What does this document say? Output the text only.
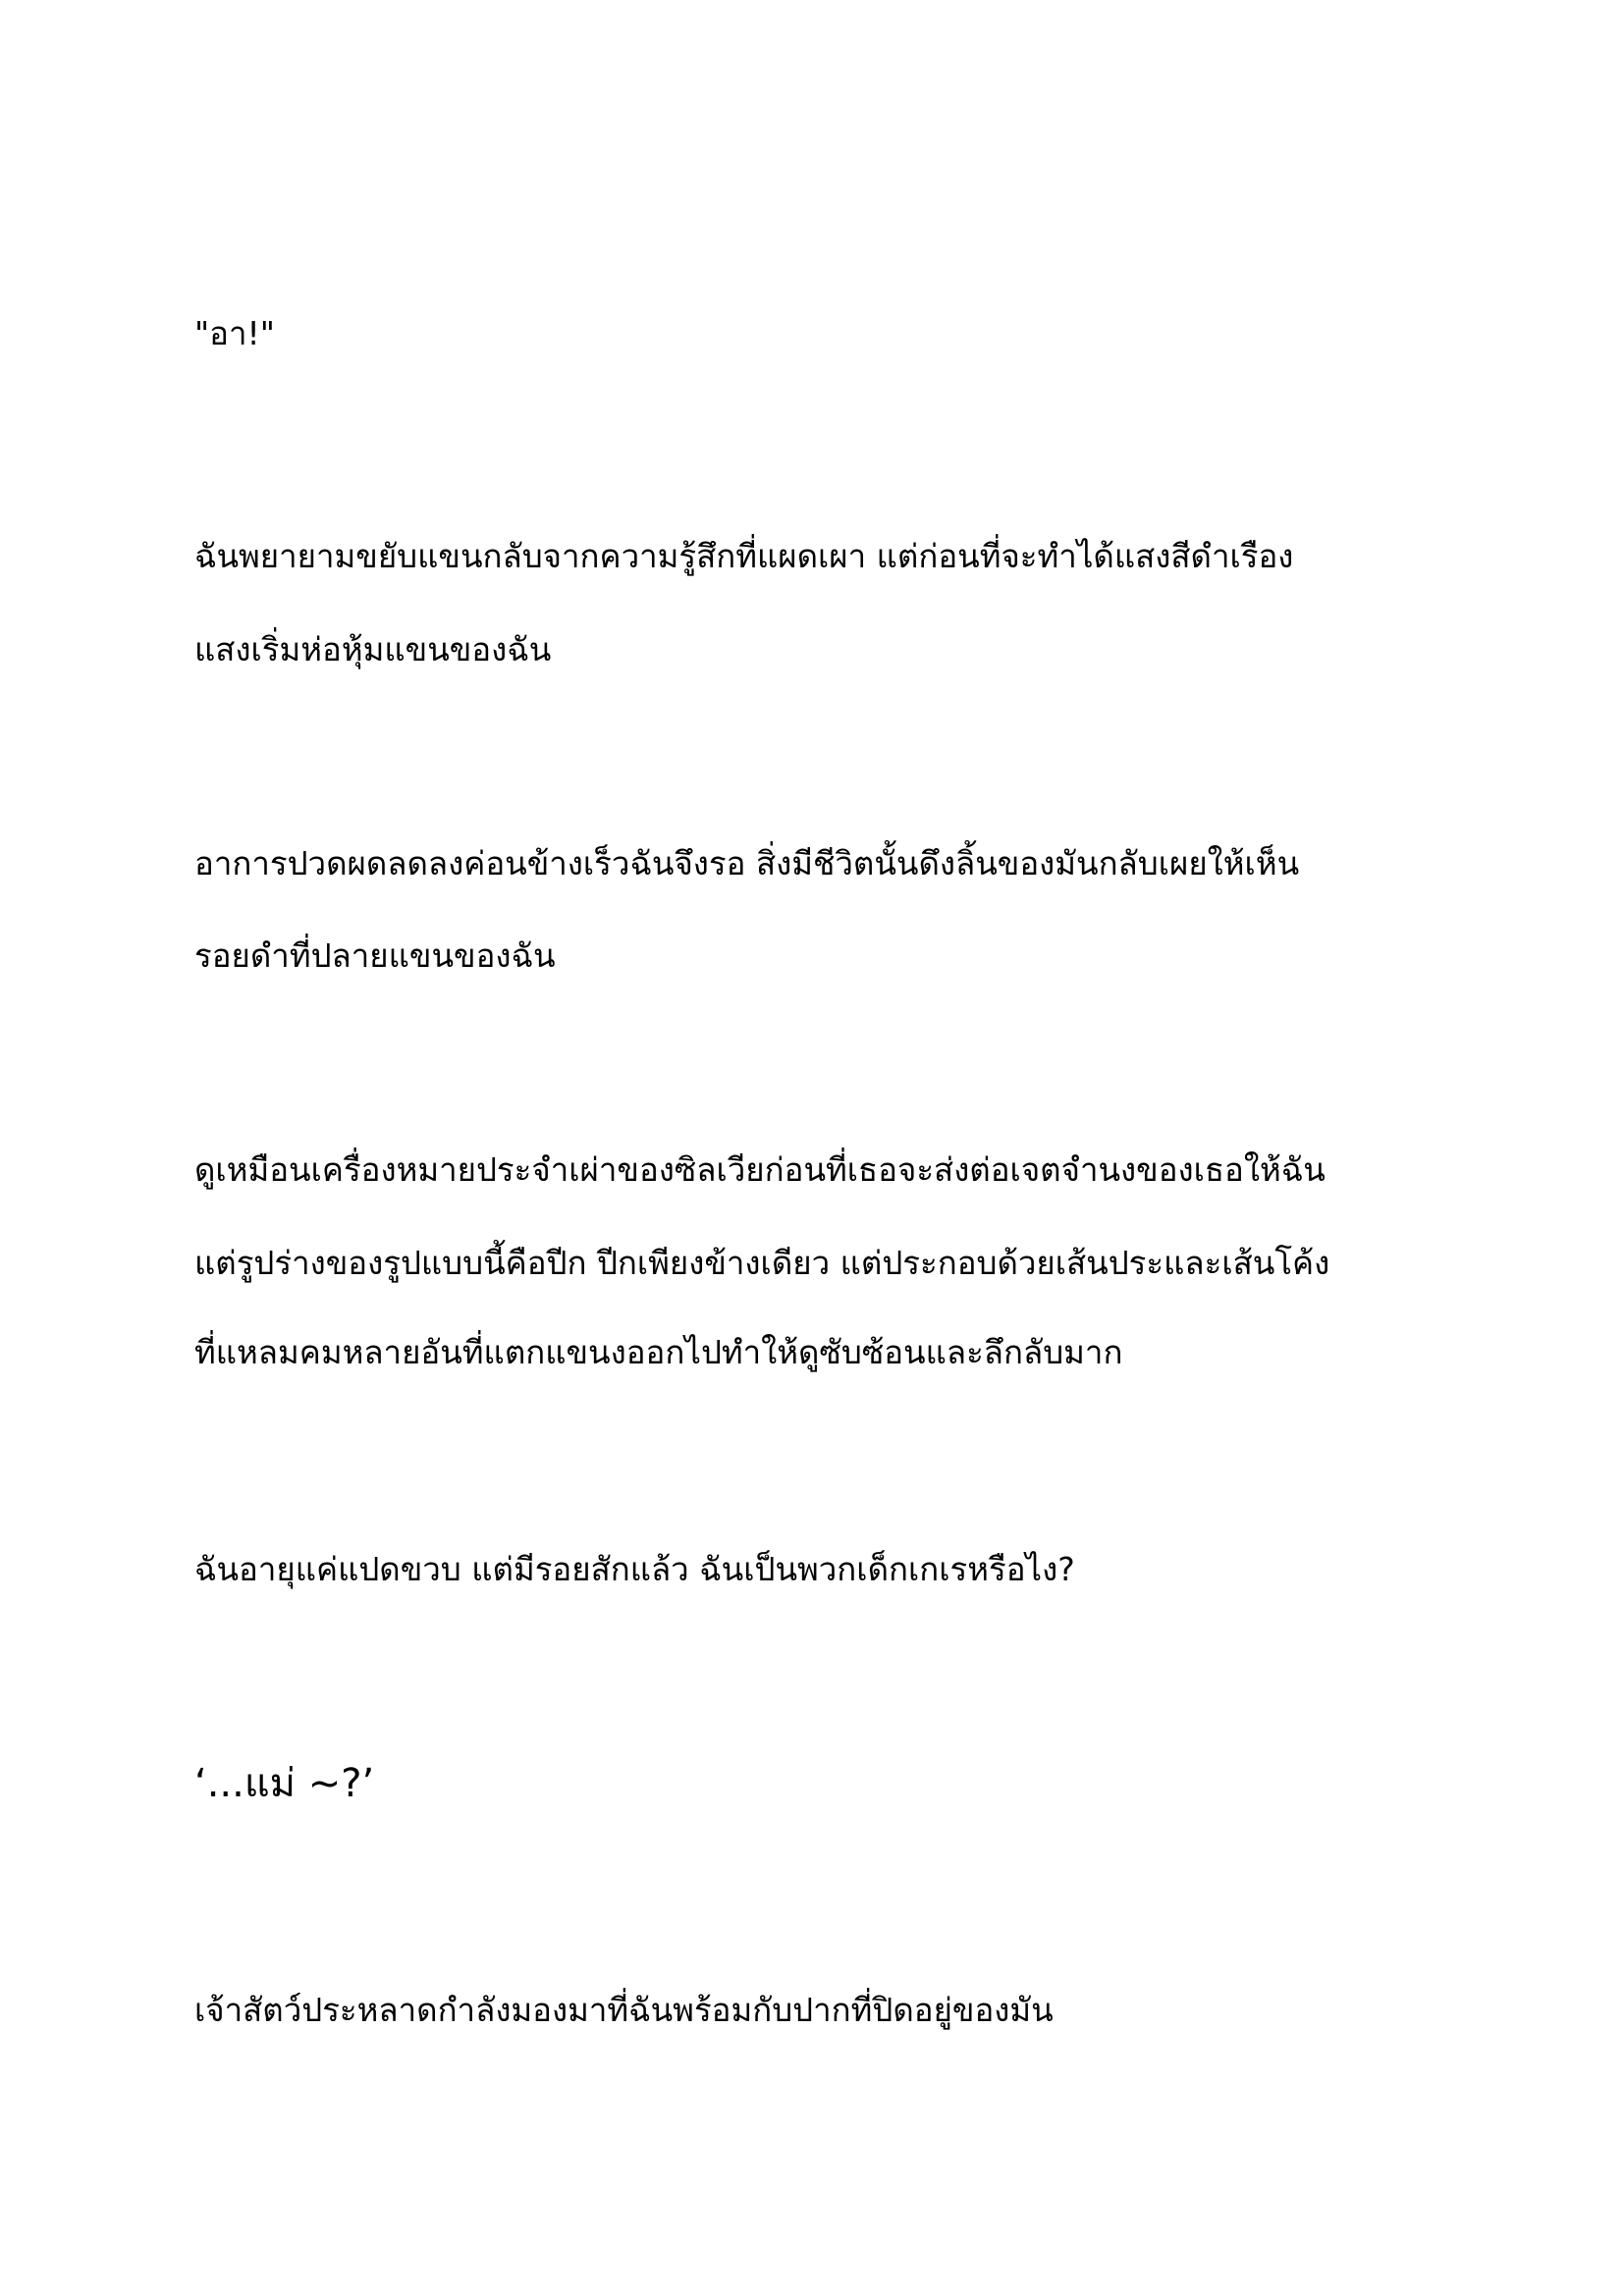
"อา!"

ฉันพยายามขยับแขนกลับจากความรู้สึกที่แผดเผา แต่ก่อนที่จะทำได้แสงสีดำเรือง

แสงเริ่มห่อหุ้มแขนของฉัน

อาการปวดผดลดลงค่อนข้างเร็วฉันจึงรอ สิ่งมีชีวิตนั้นดึงลิ้นของมันกลับเผยให้เห็น

รอยดำที่ปลายแขนของฉัน

ดูเหมือนเครื่องหมายประจำเผ่าของซิลเวียก่อนที่เธอจะส่งต่อเจตจำนงของเธอให้ฉัน

แต่รูปร่างของรูปแบบนี้คือปีก ปีกเพียงข้างเดียว แต่ประกอบด้วยเส้นประและเส้นโค้ง

ที่แหลมคมหลายอันที่แตกแขนงออกไปทำให้ดูซับซ้อนและลึกลับมาก

ฉันอายุแค่แปดขวบ แต่มีรอยสักแล้ว ฉันเป็นพวกเด็กเกเรหรือไง?

‘...แม่ ~?’

เจ้าสัตว์ประหลาดกำลังมองมาที่ฉันพร้อมกับปากที่ปิดอยู่ของมัน
